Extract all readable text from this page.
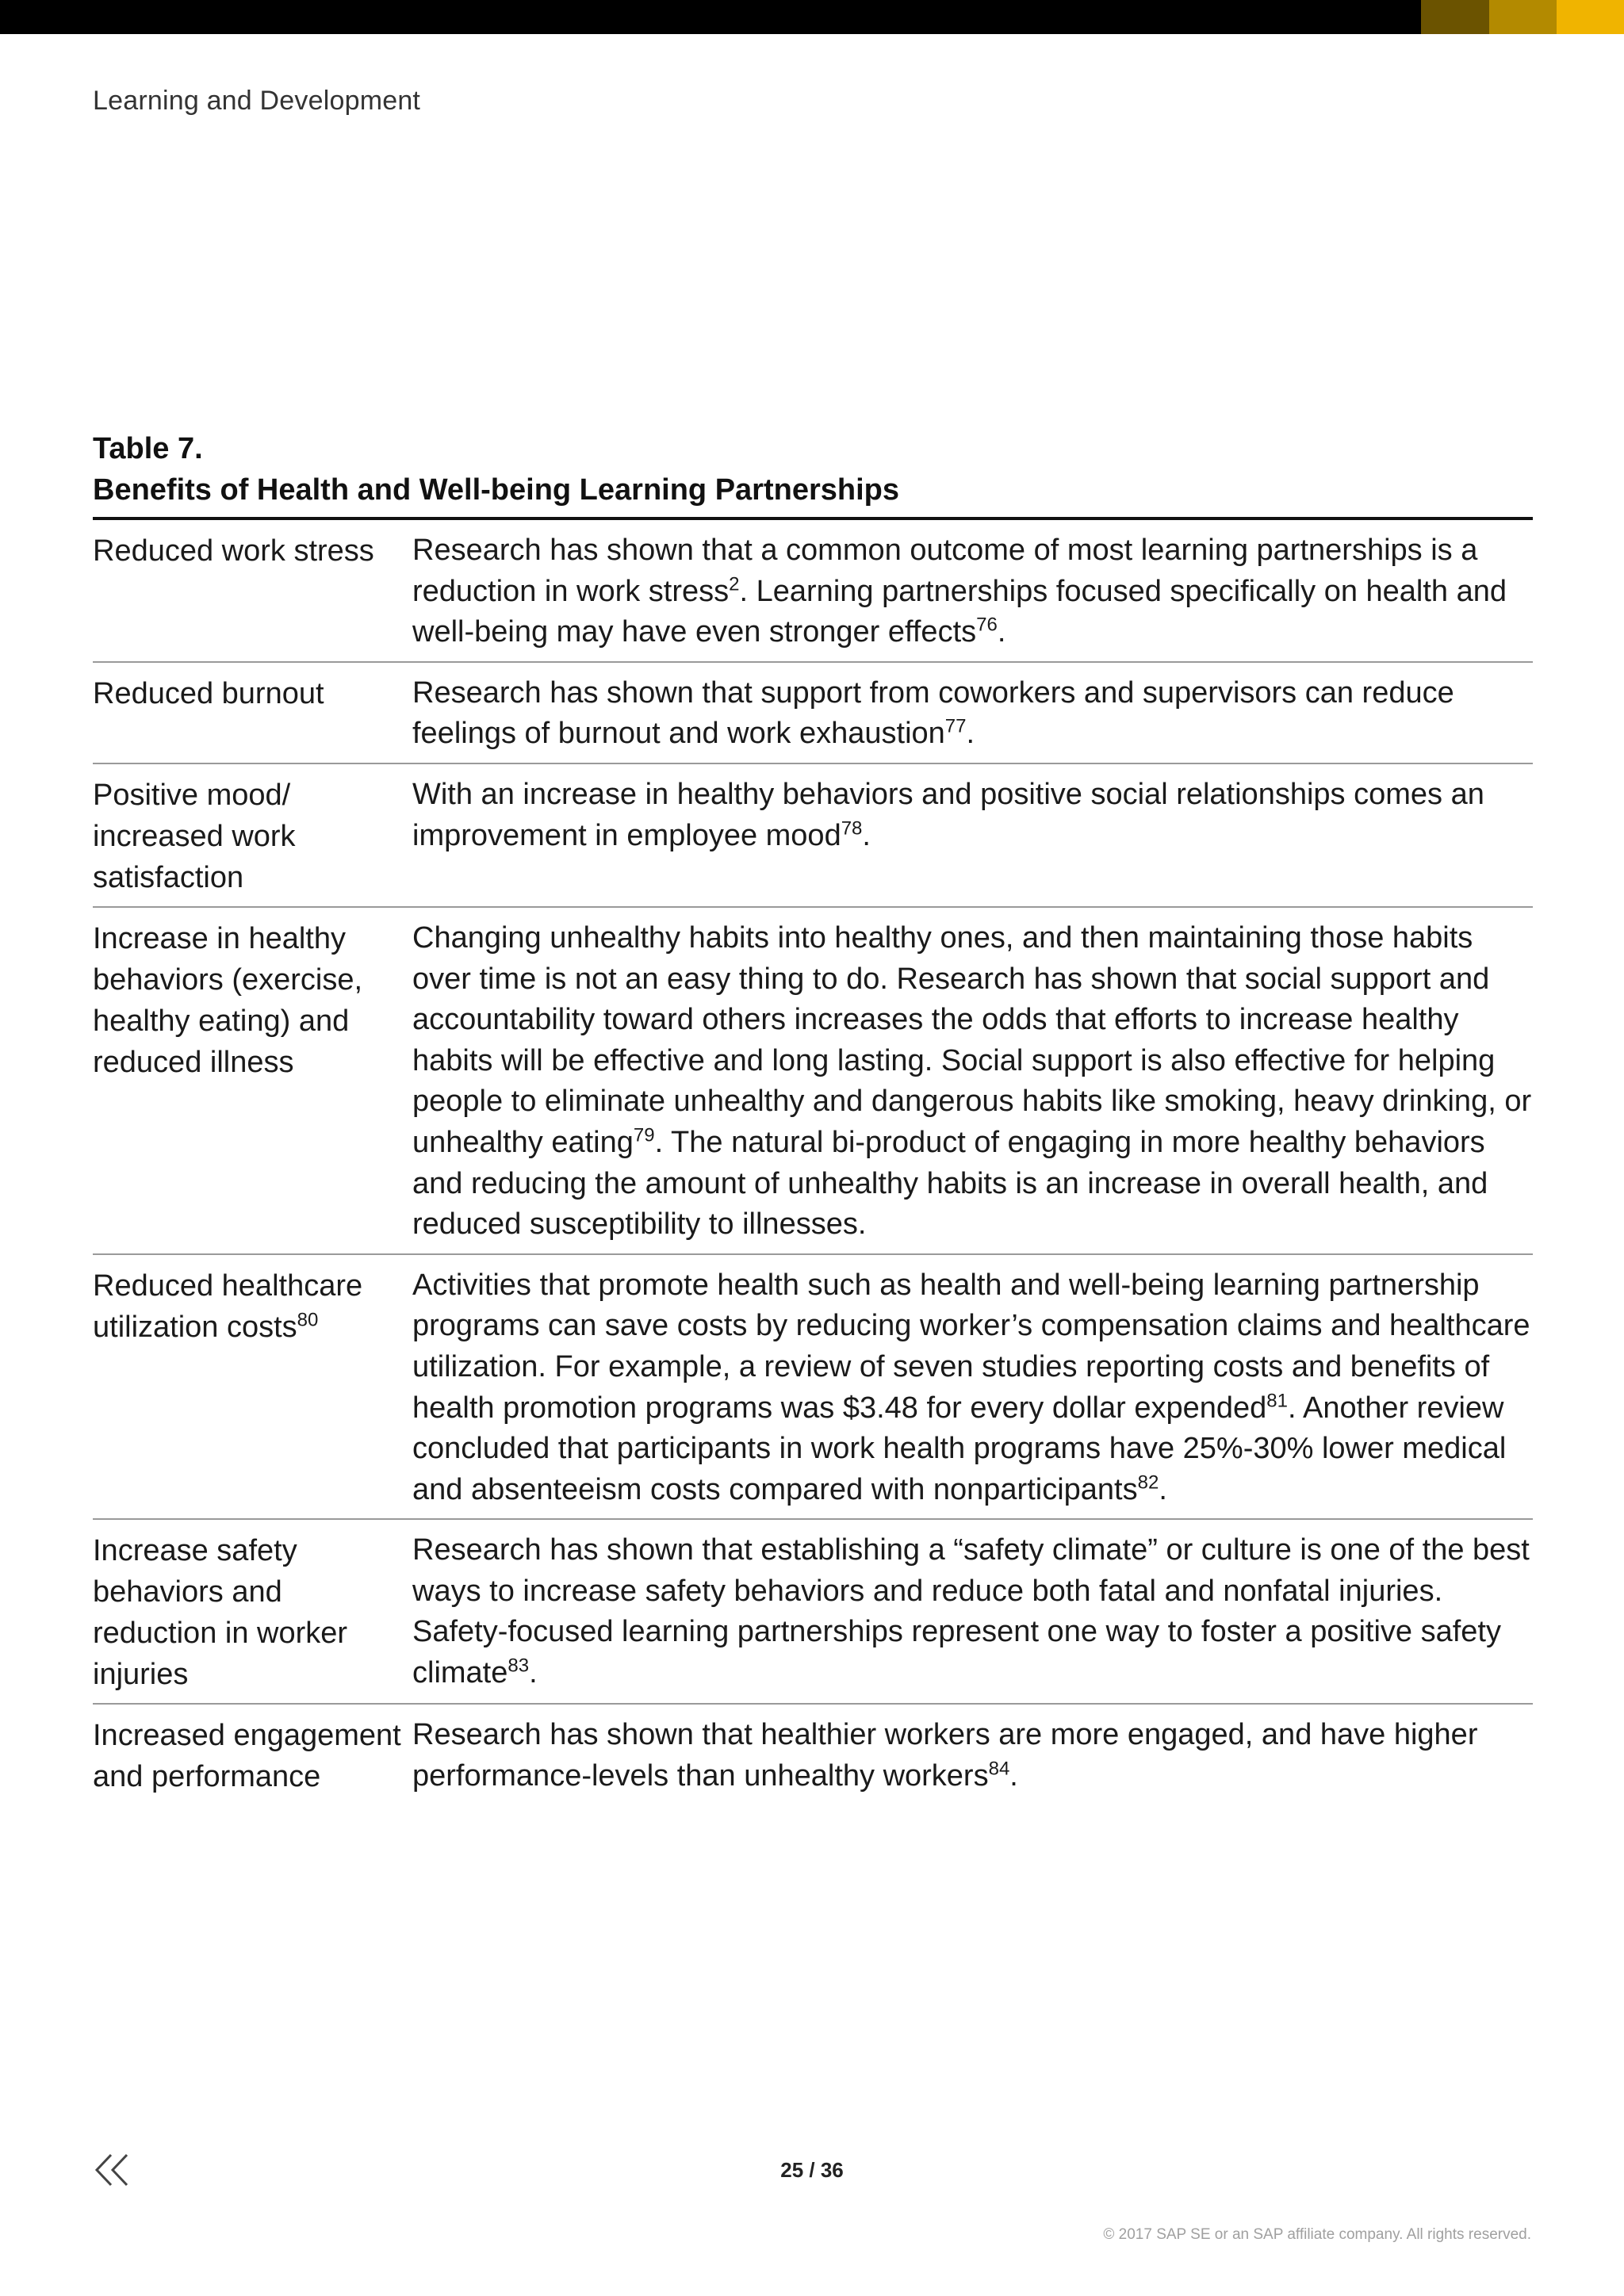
Learning and Development
Table 7.
Benefits of Health and Well-being Learning Partnerships
Reduced work stress	Research has shown that a common outcome of most learning partnerships is a reduction in work stress$^2$. Learning partnerships focused specifically on health and well-being may have even stronger effects$^{76}$.
Reduced burnout	Research has shown that support from coworkers and supervisors can reduce feelings of burnout and work exhaustion$^{77}$.
Positive mood/ increased work satisfaction
With an increase in healthy behaviors and positive social relationships comes an improvement in employee mood$^{78}$.
Increase in healthy behaviors (exercise, healthy eating) and reduced illness
Changing unhealthy habits into healthy ones, and then maintaining those habits over time is not an easy thing to do. Research has shown that social support and accountability toward others increases the odds that efforts to increase healthy habits will be effective and long lasting. Social support is also effective for helping people to eliminate unhealthy and dangerous habits like smoking, heavy drinking, or unhealthy eating$^{79}$. The natural bi-product of engaging in more healthy behaviors and reducing the amount of unhealthy habits is an increase in overall health, and reduced susceptibility to illnesses.
Reduced healthcare utilization costs$^{80}$
Activities that promote health such as health and well-being learning partnership programs can save costs by reducing worker’s compensation claims and healthcare utilization. For example, a review of seven studies reporting costs and benefits of health promotion programs was $3.48 for every dollar expended$^{81}$. Another review concluded that participants in work health programs have 25%-30% lower medical and absenteeism costs compared with nonparticipants$^{82}$.
Increase safety behaviors and reduction in worker injuries
Research has shown that establishing a “safety climate” or culture is one of the best ways to increase safety behaviors and reduce both fatal and nonfatal injuries. Safety-focused learning partnerships represent one way to foster a positive safety climate$^{83}$.
Increased engagement and performance
Research has shown that healthier workers are more engaged, and have higher performance-levels than unhealthy workers$^{84}$.
25 / 36
© 2017 SAP SE or an SAP affiliate company. All rights reserved.
